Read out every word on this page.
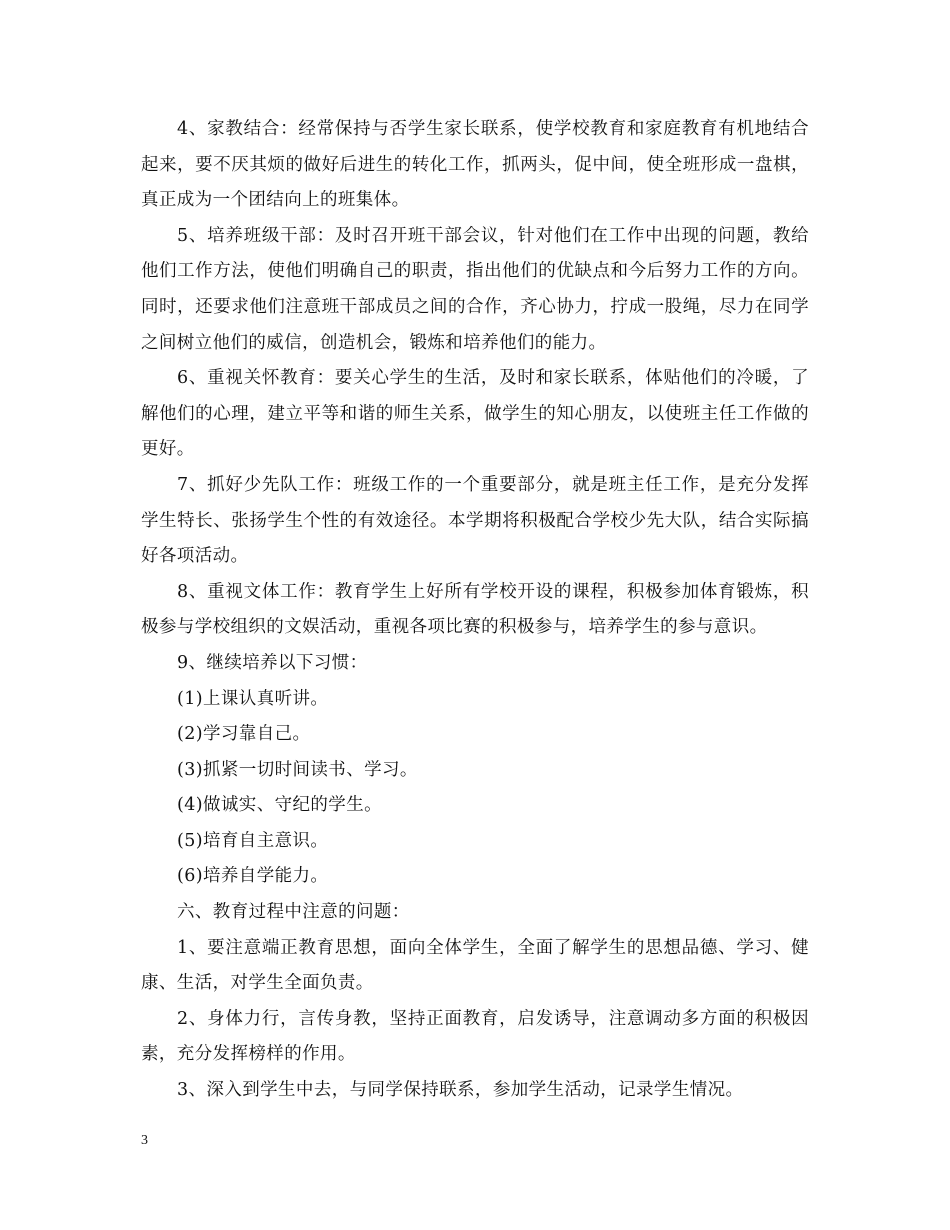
4、家教结合：经常保持与否学生家长联系，使学校教育和家庭教育有机地结合起来，要不厌其烦的做好后进生的转化工作，抓两头，促中间，使全班形成一盘棋，真正成为一个团结向上的班集体。

5、培养班级干部：及时召开班干部会议，针对他们在工作中出现的问题，教给他们工作方法，使他们明确自己的职责，指出他们的优缺点和今后努力工作的方向。同时，还要求他们注意班干部成员之间的合作，齐心协力，拧成一股绳，尽力在同学之间树立他们的威信，创造机会，锻炼和培养他们的能力。

6、重视关怀教育：要关心学生的生活，及时和家长联系，体贴他们的冷暖，了解他们的心理，建立平等和谐的师生关系，做学生的知心朋友，以使班主任工作做的更好。

7、抓好少先队工作：班级工作的一个重要部分，就是班主任工作，是充分发挥学生特长、张扬学生个性的有效途径。本学期将积极配合学校少先大队，结合实际搞好各项活动。

8、重视文体工作：教育学生上好所有学校开设的课程，积极参加体育锻炼，积极参与学校组织的文娱活动，重视各项比赛的积极参与，培养学生的参与意识。

9、继续培养以下习惯：

(1)上课认真听讲。

(2)学习靠自己。

(3)抓紧一切时间读书、学习。

(4)做诚实、守纪的学生。

(5)培育自主意识。

(6)培养自学能力。

六、教育过程中注意的问题：

1、要注意端正教育思想，面向全体学生，全面了解学生的思想品德、学习、健康、生活，对学生全面负责。

2、身体力行，言传身教，坚持正面教育，启发诱导，注意调动多方面的积极因素，充分发挥榜样的作用。

3、深入到学生中去，与同学保持联系，参加学生活动，记录学生情况。

3
